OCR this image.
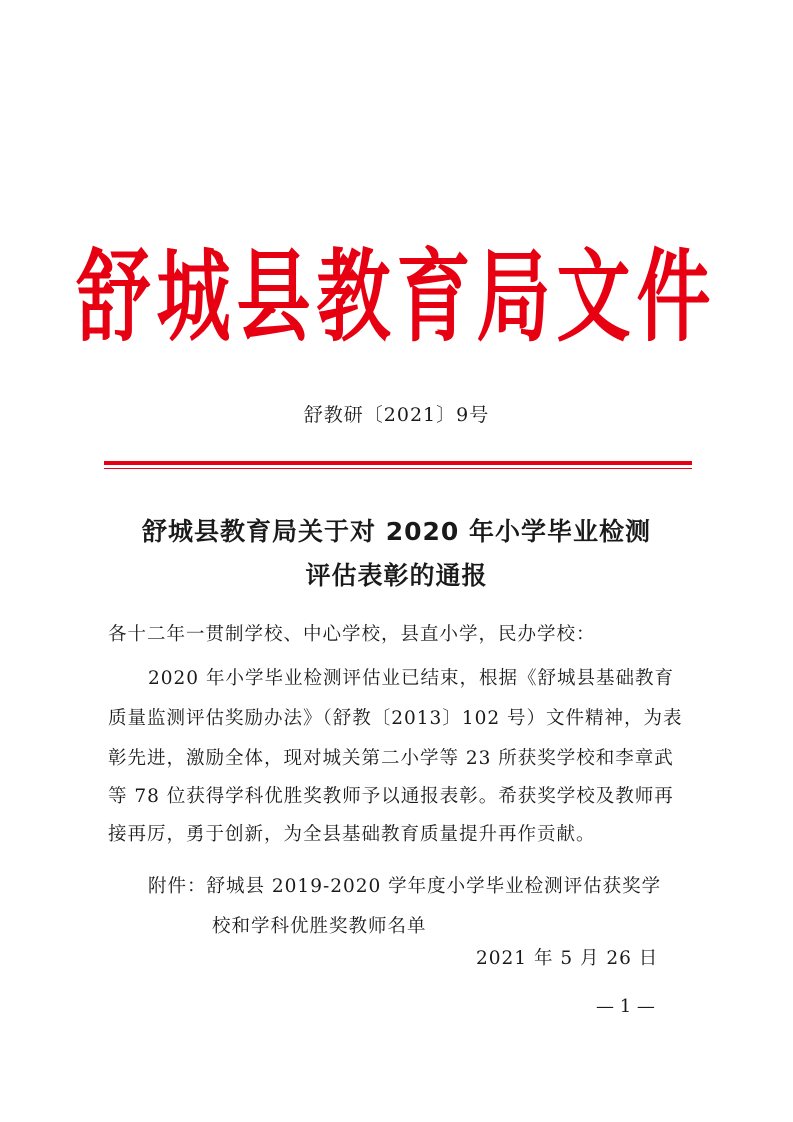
舒城县教育局文件
舒教研〔2021〕9号
舒城县教育局关于对 2020 年小学毕业检测
评估表彰的通报
各十二年一贯制学校、中心学校，县直小学，民办学校：
2020 年小学毕业检测评估业已结束，根据《舒城县基础教育
质量监测评估奖励办法》（舒教〔2013〕102 号）文件精神，为表
彰先进，激励全体，现对城关第二小学等 23 所获奖学校和李章武
等 78 位获得学科优胜奖教师予以通报表彰。希获奖学校及教师再
接再厉，勇于创新，为全县基础教育质量提升再作贡献。
附件：舒城县 2019-2020 学年度小学毕业检测评估获奖学
校和学科优胜奖教师名单
2021 年 5 月 26 日
— 1 —
